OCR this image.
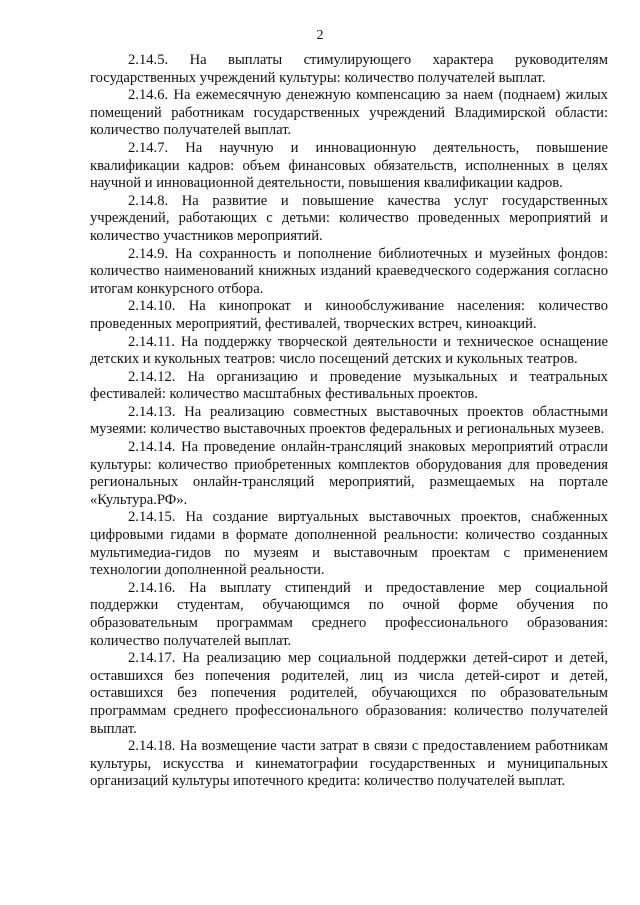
2

2.14.5. На выплаты стимулирующего характера руководителям государственных учреждений культуры: количество получателей выплат.

2.14.6. На ежемесячную денежную компенсацию за наем (поднаем) жилых помещений работникам государственных учреждений Владимирской области: количество получателей выплат.

2.14.7. На научную и инновационную деятельность, повышение квалификации кадров: объем финансовых обязательств, исполненных в целях научной и инновационной деятельности, повышения квалификации кадров.

2.14.8. На развитие и повышение качества услуг государственных учреждений, работающих с детьми: количество проведенных мероприятий и количество участников мероприятий.

2.14.9. На сохранность и пополнение библиотечных и музейных фондов: количество наименований книжных изданий краеведческого содержания согласно итогам конкурсного отбора.

2.14.10. На кинопрокат и кинообслуживание населения: количество проведенных мероприятий, фестивалей, творческих встреч, киноакций.

2.14.11. На поддержку творческой деятельности и техническое оснащение детских и кукольных театров: число посещений детских и кукольных театров.

2.14.12. На организацию и проведение музыкальных и театральных фестивалей: количество масштабных фестивальных проектов.

2.14.13. На реализацию совместных выставочных проектов областными музеями: количество выставочных проектов федеральных и региональных музеев.

2.14.14. На проведение онлайн-трансляций знаковых мероприятий отрасли культуры: количество приобретенных комплектов оборудования для проведения региональных онлайн-трансляций мероприятий, размещаемых на портале «Культура.РФ».

2.14.15. На создание виртуальных выставочных проектов, снабженных цифровыми гидами в формате дополненной реальности: количество созданных мультимедиа-гидов по музеям и выставочным проектам с применением технологии дополненной реальности.

2.14.16. На выплату стипендий и предоставление мер социальной поддержки студентам, обучающимся по очной форме обучения по образовательным программам среднего профессионального образования: количество получателей выплат.

2.14.17. На реализацию мер социальной поддержки детей-сирот и детей, оставшихся без попечения родителей, лиц из числа детей-сирот и детей, оставшихся без попечения родителей, обучающихся по образовательным программам среднего профессионального образования: количество получателей выплат.

2.14.18. На возмещение части затрат в связи с предоставлением работникам культуры, искусства и кинематографии государственных и муниципальных организаций культуры ипотечного кредита: количество получателей выплат.
